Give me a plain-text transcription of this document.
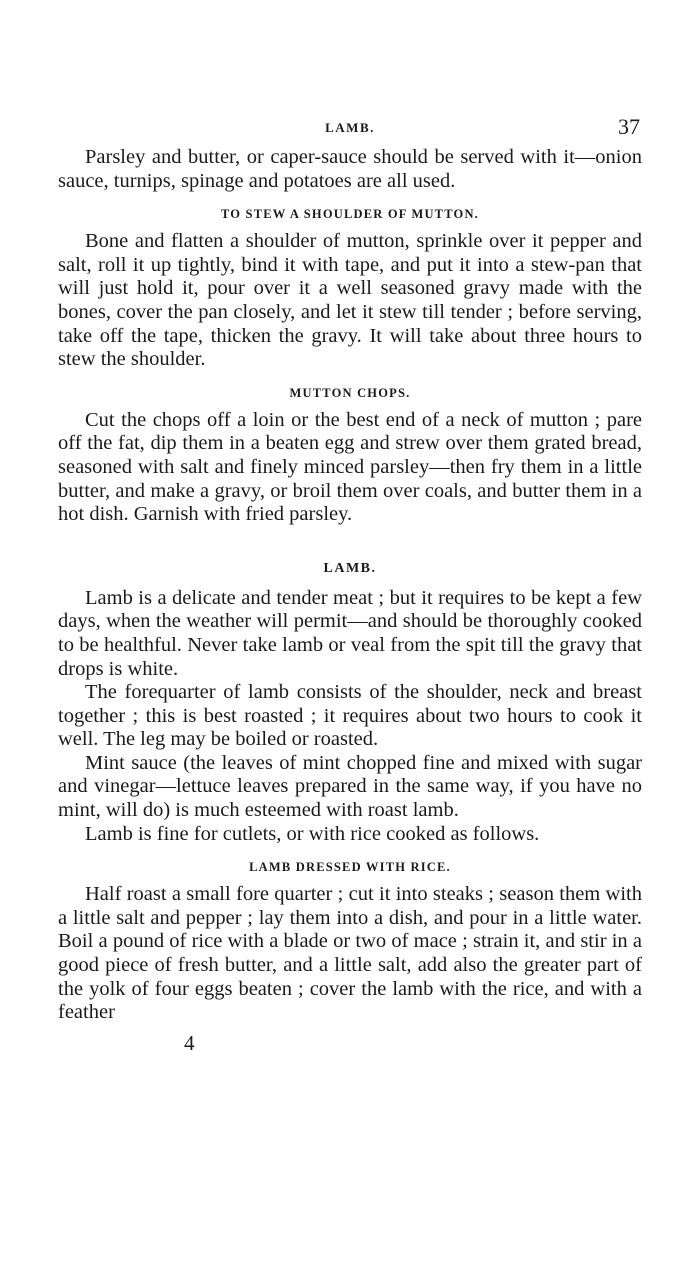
LAMB.	37

Parsley and butter, or caper-sauce should be served with it—onion sauce, turnips, spinage and potatoes are all used.

TO STEW A SHOULDER OF MUTTON.

Bone and flatten a shoulder of mutton, sprinkle over it pepper and salt, roll it up tightly, bind it with tape, and put it into a stew-pan that will just hold it, pour over it a well seasoned gravy made with the bones, cover the pan closely, and let it stew till tender ; before serving, take off the tape, thicken the gravy. It will take about three hours to stew the shoulder.

MUTTON CHOPS.

Cut the chops off a loin or the best end of a neck of mutton ; pare off the fat, dip them in a beaten egg and strew over them grated bread, seasoned with salt and finely minced parsley—then fry them in a little butter, and make a gravy, or broil them over coals, and butter them in a hot dish. Garnish with fried parsley.

LAMB.

Lamb is a delicate and tender meat ; but it requires to be kept a few days, when the weather will permit—and should be thoroughly cooked to be healthful. Never take lamb or veal from the spit till the gravy that drops is white.

The forequarter of lamb consists of the shoulder, neck and breast together ; this is best roasted ; it requires about two hours to cook it well. The leg may be boiled or roasted.

Mint sauce (the leaves of mint chopped fine and mixed with sugar and vinegar—lettuce leaves prepared in the same way, if you have no mint, will do) is much esteemed with roast lamb.

Lamb is fine for cutlets, or with rice cooked as follows.

LAMB DRESSED WITH RICE.

Half roast a small fore quarter ; cut it into steaks ; season them with a little salt and pepper ; lay them into a dish, and pour in a little water. Boil a pound of rice with a blade or two of mace ; strain it, and stir in a good piece of fresh butter, and a little salt, add also the greater part of the yolk of four eggs beaten ; cover the lamb with the rice, and with a feather

4
